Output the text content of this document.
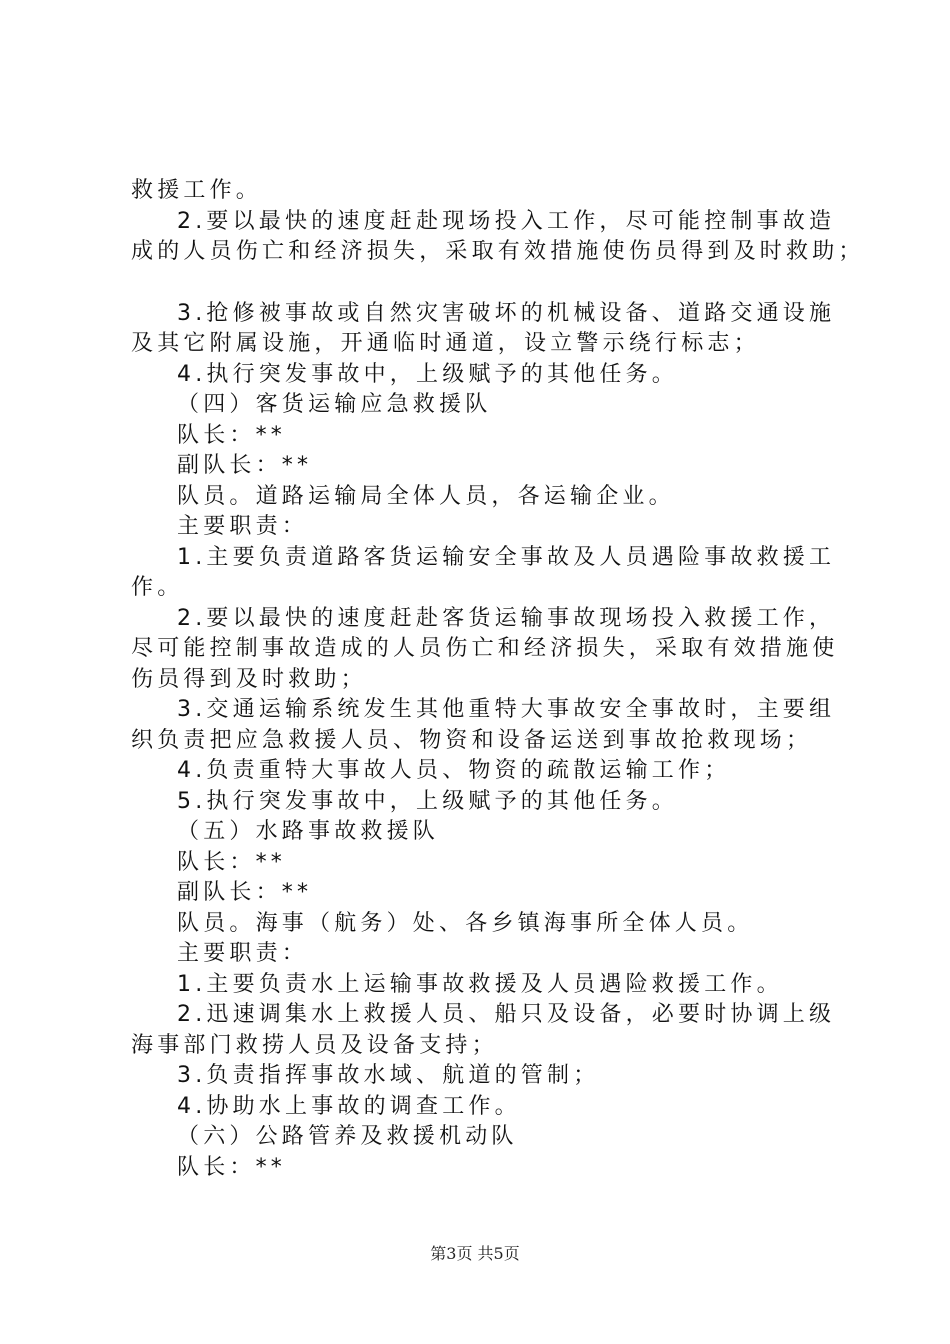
救援工作。
2.要以最快的速度赶赴现场投入工作，尽可能控制事故造
成的人员伤亡和经济损失，采取有效措施使伤员得到及时救助；
3.抢修被事故或自然灾害破坏的机械设备、道路交通设施
及其它附属设施，开通临时通道，设立警示绕行标志；
4.执行突发事故中，上级赋予的其他任务。
（四）客货运输应急救援队
队长：**
副队长：**
队员。道路运输局全体人员，各运输企业。
主要职责：
1.主要负责道路客货运输安全事故及人员遇险事故救援工
作。
2.要以最快的速度赶赴客货运输事故现场投入救援工作，
尽可能控制事故造成的人员伤亡和经济损失，采取有效措施使
伤员得到及时救助；
3.交通运输系统发生其他重特大事故安全事故时，主要组
织负责把应急救援人员、物资和设备运送到事故抢救现场；
4.负责重特大事故人员、物资的疏散运输工作；
5.执行突发事故中，上级赋予的其他任务。
（五）水路事故救援队
队长：**
副队长：**
队员。海事（航务）处、各乡镇海事所全体人员。
主要职责：
1.主要负责水上运输事故救援及人员遇险救援工作。
2.迅速调集水上救援人员、船只及设备，必要时协调上级
海事部门救捞人员及设备支持；
3.负责指挥事故水域、航道的管制；
4.协助水上事故的调查工作。
（六）公路管养及救援机动队
队长：**
第3页 共5页
